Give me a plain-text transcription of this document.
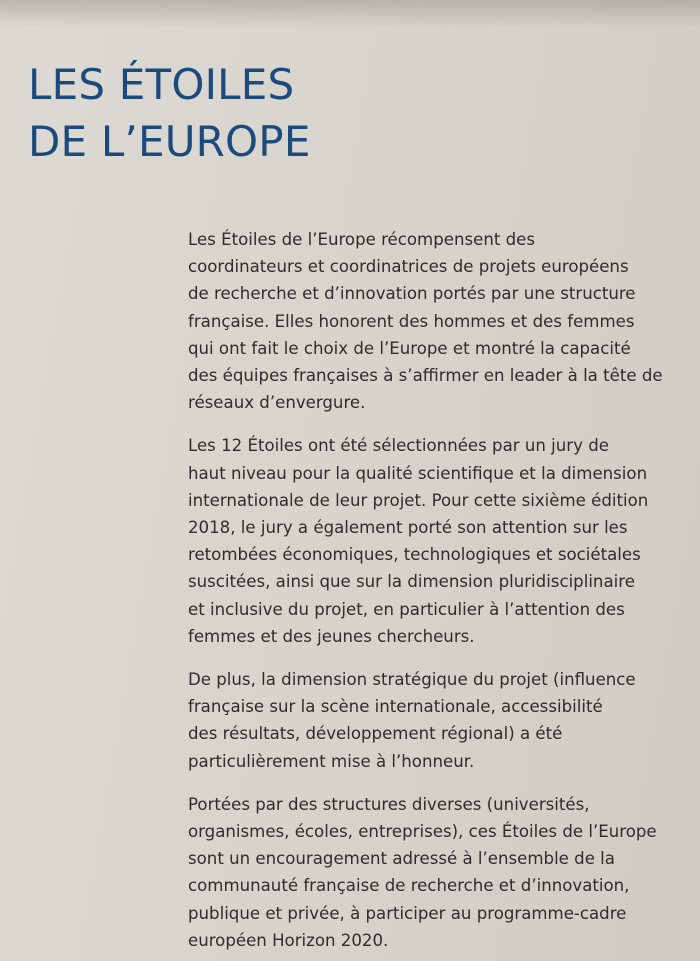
LES ÉTOILES
DE L’EUROPE

Les Étoiles de l’Europe récompensent des
coordinateurs et coordinatrices de projets européens
de recherche et d’innovation portés par une structure
française. Elles honorent des hommes et des femmes
qui ont fait le choix de l’Europe et montré la capacité
des équipes françaises à s’affirmer en leader à la tête de
réseaux d’envergure.

Les 12 Étoiles ont été sélectionnées par un jury de
haut niveau pour la qualité scientifique et la dimension
internationale de leur projet. Pour cette sixième édition
2018, le jury a également porté son attention sur les
retombées économiques, technologiques et sociétales
suscitées, ainsi que sur la dimension pluridisciplinaire
et inclusive du projet, en particulier à l’attention des
femmes et des jeunes chercheurs.

De plus, la dimension stratégique du projet (influence
française sur la scène internationale, accessibilité
des résultats, développement régional) a été
particulièrement mise à l’honneur.

Portées par des structures diverses (universités,
organismes, écoles, entreprises), ces Étoiles de l’Europe
sont un encouragement adressé à l’ensemble de la
communauté française de recherche et d’innovation,
publique et privée, à participer au programme-cadre
européen Horizon 2020.
